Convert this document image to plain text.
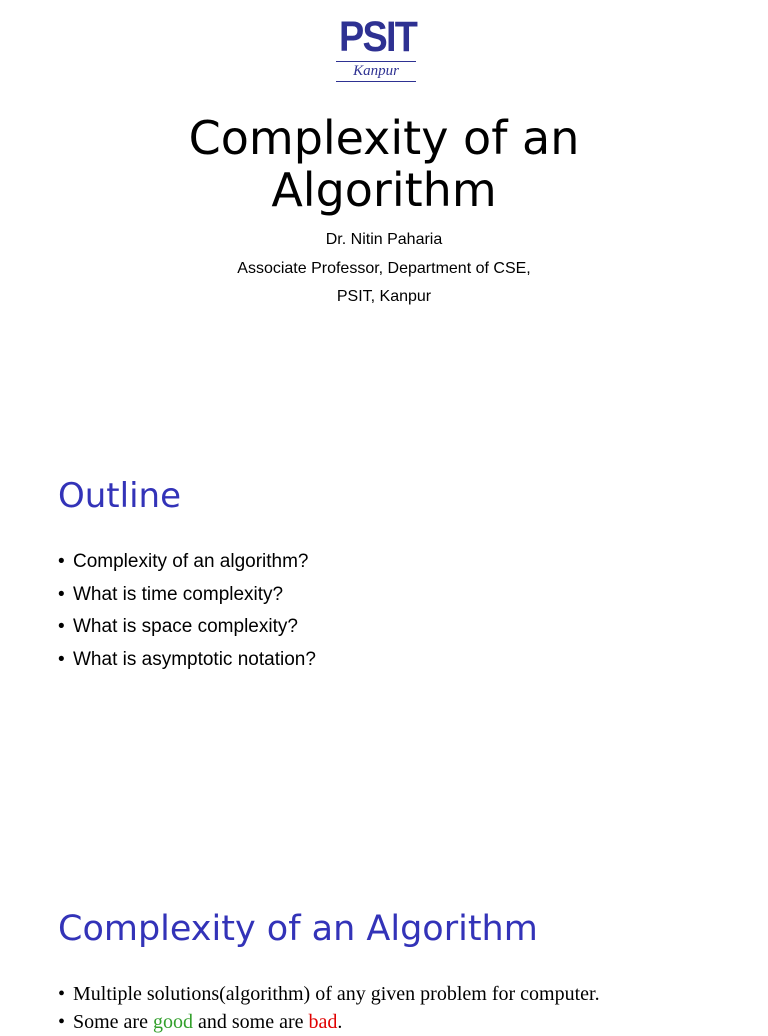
PSIT
Kanpur
Complexity of an Algorithm
Dr. Nitin Paharia
Associate Professor, Department of CSE,
PSIT, Kanpur
Outline
• Complexity of an algorithm?
• What is time complexity?
• What is space complexity?
• What is asymptotic notation?
Complexity of an Algorithm
• Multiple solutions(algorithm) of any given problem for computer.
• Some are good and some are bad.
